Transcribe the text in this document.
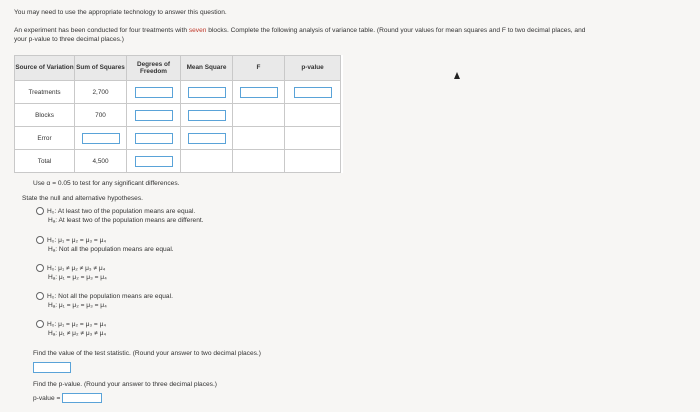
You may need to use the appropriate technology to answer this question.
An experiment has been conducted for four treatments with seven blocks. Complete the following analysis of variance table. (Round your values for mean squares and F to two decimal places, and
your p-value to three decimal places.)
Source of Variation	Sum of Squares	Degrees of Freedom	Mean Square	F	p-value
Treatments	2,700				
Blocks	700				
Error					
Total	4,500				
Use α = 0.05 to test for any significant differences.
State the null and alternative hypotheses.
H₀: At least two of the population means are equal.
Hₐ: At least two of the population means are different.
H₀: μ₁ = μ₂ = μ₃ = μ₄
Hₐ: Not all the population means are equal.
H₀: μ₁ ≠ μ₂ ≠ μ₃ ≠ μ₄
Hₐ: μ₁ = μ₂ = μ₃ = μ₄
H₀: Not all the population means are equal.
Hₐ: μ₁ = μ₂ = μ₃ = μ₄
H₀: μ₁ = μ₂ = μ₃ = μ₄
Hₐ: μ₁ ≠ μ₂ ≠ μ₃ ≠ μ₄
Find the value of the test statistic. (Round your answer to two decimal places.)
Find the p-value. (Round your answer to three decimal places.)
p-value =
